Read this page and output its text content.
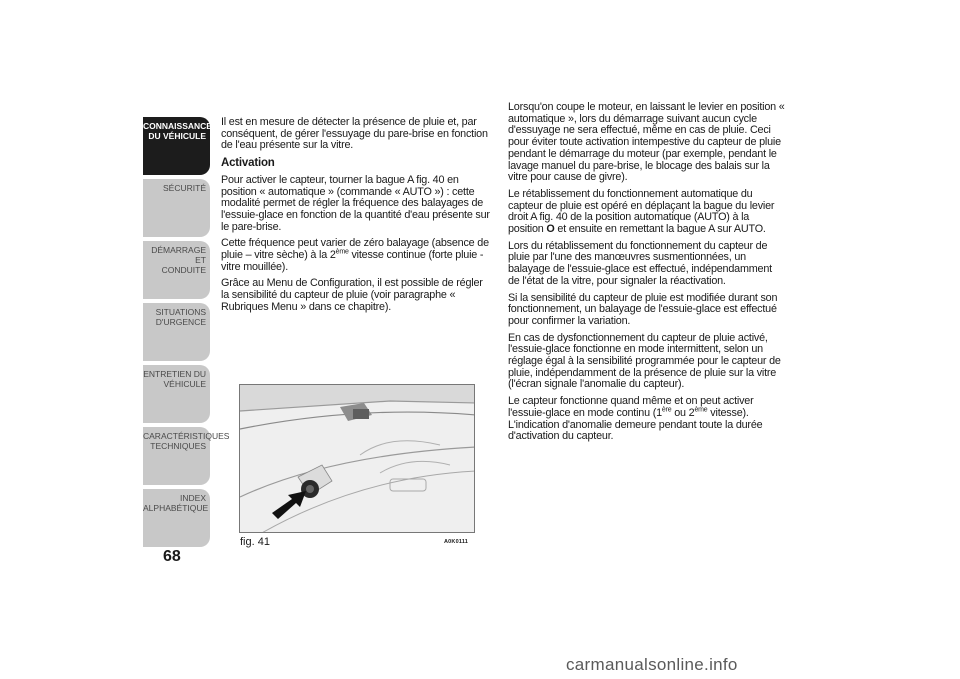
CONNAISSANCE
DU VÉHICULE
SÉCURITÉ
DÉMARRAGE ET
CONDUITE
SITUATIONS
D'URGENCE
ENTRETIEN DU
VÉHICULE
CARACTÉRISTIQUES
TECHNIQUES
INDEX
ALPHABÉTIQUE
68

Il est en mesure de détecter la présence de pluie et, par conséquent, de gérer l'essuyage du pare-brise en fonction de l'eau présente sur la vitre.

Activation

Pour activer le capteur, tourner la bague A fig. 40 en position « automatique » (commande « AUTO ») : cette modalité permet de régler la fréquence des balayages de l'essuie-glace en fonction de la quantité d'eau présente sur le pare-brise.

Cette fréquence peut varier de zéro balayage (absence de pluie – vitre sèche) à la 2ème vitesse continue (forte pluie - vitre mouillée).

Grâce au Menu de Configuration, il est possible de régler la sensibilité du capteur de pluie (voir paragraphe « Rubriques Menu » dans ce chapitre).

fig. 41	A0K0111

Lorsqu'on coupe le moteur, en laissant le levier en position « automatique », lors du démarrage suivant aucun cycle d'essuyage ne sera effectué, même en cas de pluie. Ceci pour éviter toute activation intempestive du capteur de pluie pendant le démarrage du moteur (par exemple, pendant le lavage manuel du pare-brise, le blocage des balais sur la vitre pour cause de givre).

Le rétablissement du fonctionnement automatique du capteur de pluie est opéré en déplaçant la bague du levier droit A fig. 40 de la position automatique (AUTO) à la position O et ensuite en remettant la bague A sur AUTO.

Lors du rétablissement du fonctionnement du capteur de pluie par l'une des manœuvres susmentionnées, un balayage de l'essuie-glace est effectué, indépendamment de l'état de la vitre, pour signaler la réactivation.

Si la sensibilité du capteur de pluie est modifiée durant son fonctionnement, un balayage de l'essuie-glace est effectué pour confirmer la variation.

En cas de dysfonctionnement du capteur de pluie activé, l'essuie-glace fonctionne en mode intermittent, selon un réglage égal à la sensibilité programmée pour le capteur de pluie, indépendamment de la présence de pluie sur la vitre (l'écran signale l'anomalie du capteur).

Le capteur fonctionne quand même et on peut activer l'essuie-glace en mode continu (1ère ou 2ème vitesse). L'indication d'anomalie demeure pendant toute la durée d'activation du capteur.

carmanualsonline.info
